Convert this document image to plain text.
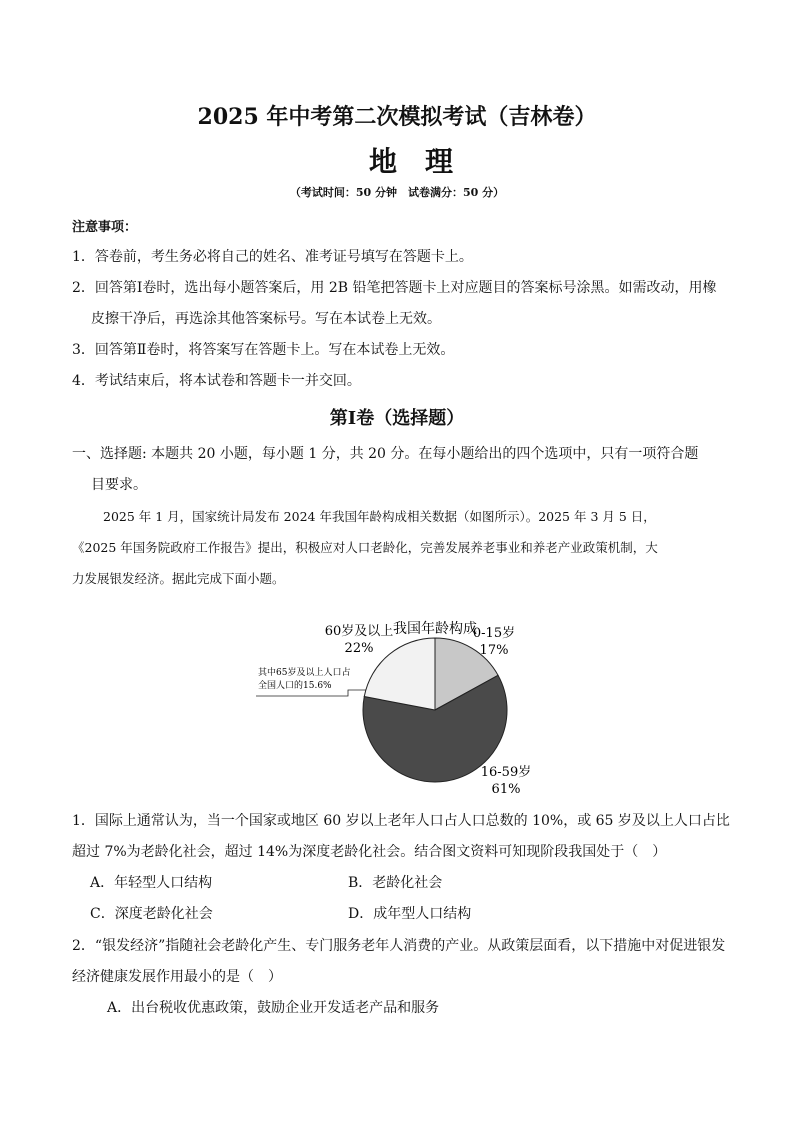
2025 年中考第二次模拟考试（吉林卷）
地理
（考试时间：50 分钟　试卷满分：50 分）
注意事项：
1．答卷前，考生务必将自己的姓名、准考证号填写在答题卡上。
2．回答第Ⅰ卷时，选出每小题答案后，用 2B 铅笔把答题卡上对应题目的答案标号涂黑。如需改动，用橡
皮擦干净后，再选涂其他答案标号。写在本试卷上无效。
3．回答第Ⅱ卷时，将答案写在答题卡上。写在本试卷上无效。
4．考试结束后，将本试卷和答题卡一并交回。
第Ⅰ卷（选择题）
一、选择题: 本题共 20 小题，每小题 1 分，共 20 分。在每小题给出的四个选项中，只有一项符合题
目要求。
2025 年 1 月，国家统计局发布 2024 年我国年龄构成相关数据（如图所示）。2025 年 3 月 5 日，
《2025 年国务院政府工作报告》提出，积极应对人口老龄化，完善发展养老事业和养老产业政策机制，大
力发展银发经济。据此完成下面小题。
我国年龄构成
其中65岁及以上人口占
全国人口的15.6%
60岁及以上
22%
0-15岁
17%
16-59岁
61%
1．国际上通常认为，当一个国家或地区 60 岁以上老年人口占人口总数的 10%，或 65 岁及以上人口占比
超过 7%为老龄化社会，超过 14%为深度老龄化社会。结合图文资料可知现阶段我国处于（　）
A．年轻型人口结构	B．老龄化社会
C．深度老龄化社会	D．成年型人口结构
2．“银发经济”指随社会老龄化产生、专门服务老年人消费的产业。从政策层面看，以下措施中对促进银发
经济健康发展作用最小的是（　）
A．出台税收优惠政策，鼓励企业开发适老产品和服务
